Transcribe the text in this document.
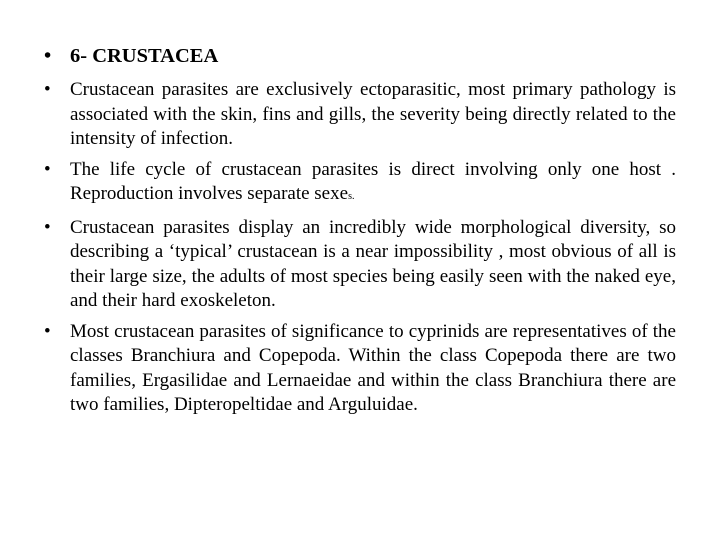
• 6- CRUSTACEA
•	Crustacean parasites are exclusively ectoparasitic, most primary pathology is associated with the skin, fins and gills, the severity being directly related to the intensity of infection.
•	The life cycle of crustacean parasites is direct involving only one host . Reproduction involves separate sexes.
•	Crustacean parasites display an incredibly wide morphological diversity, so describing a ‘typical’ crustacean is a near impossibility , most obvious of all is their large size, the adults of most species being easily seen with the naked eye, and their hard exoskeleton.
•	Most crustacean parasites of significance to cyprinids are representatives of the classes Branchiura and Copepoda. Within the class Copepoda there are two families, Ergasilidae and Lernaeidae and within the class Branchiura there are two families, Dipteropeltidae and Arguluidae.
